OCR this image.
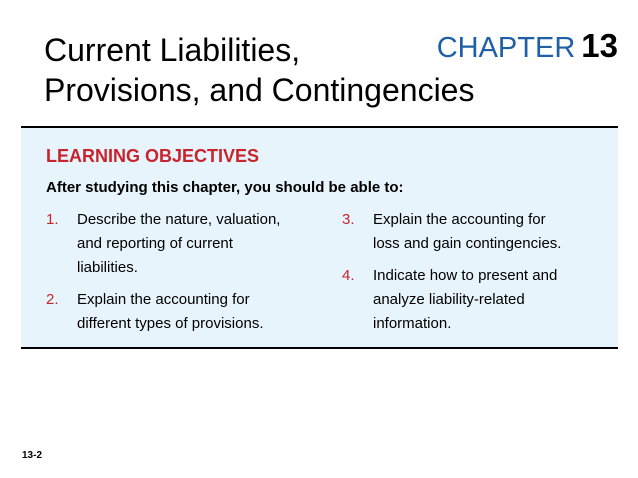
Current Liabilities,
Provisions, and Contingencies
CHAPTER 13
LEARNING OBJECTIVES
After studying this chapter, you should be able to:
1. Describe the nature, valuation,
and reporting of current
liabilities.
2. Explain the accounting for
different types of provisions.
3. Explain the accounting for
loss and gain contingencies.
4. Indicate how to present and
analyze liability-related
information.
13-2
